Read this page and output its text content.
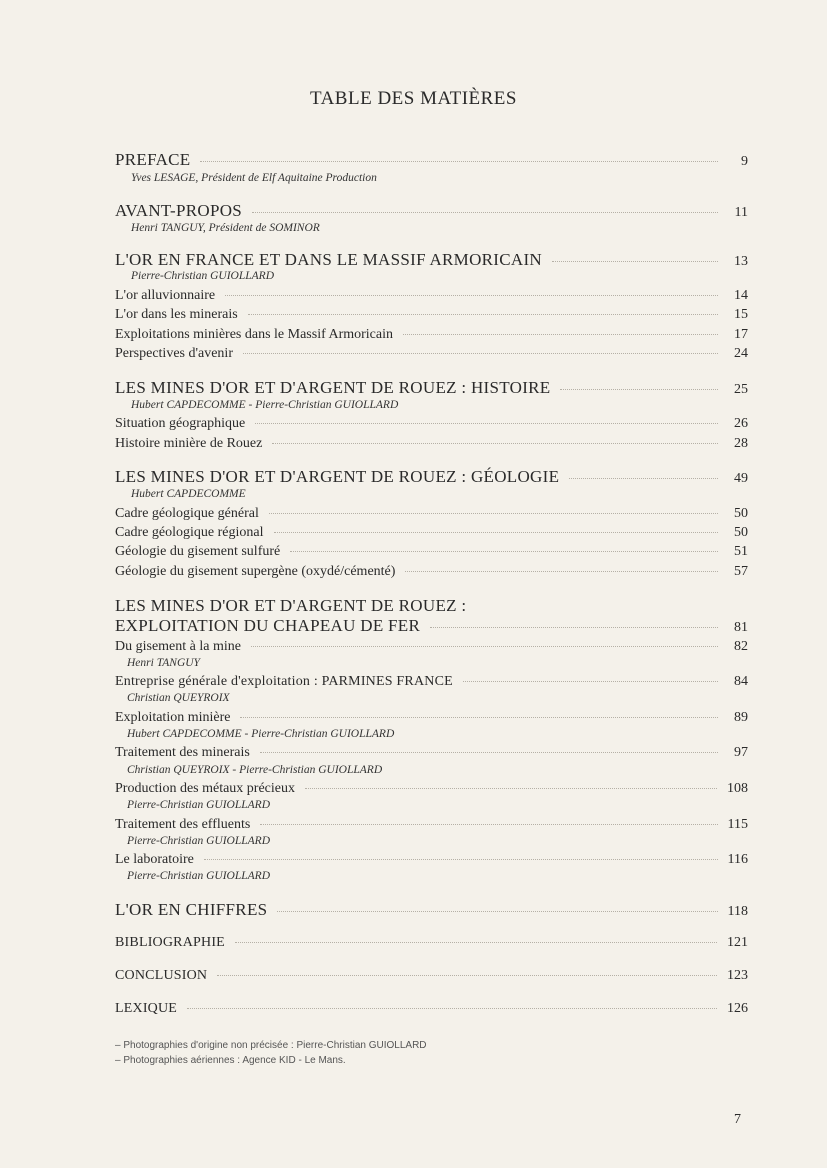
TABLE DES MATIÈRES
PREFACE	9
Yves LESAGE, Président de Elf Aquitaine Production
AVANT-PROPOS	11
Henri TANGUY, Président de SOMINOR
L'OR EN FRANCE ET DANS LE MASSIF ARMORICAIN	13
Pierre-Christian GUIOLLARD
L'or alluvionnaire	14
L'or dans les minerais	15
Exploitations minières dans le Massif Armoricain	17
Perspectives d'avenir	24
LES MINES D'OR ET D'ARGENT DE ROUEZ : HISTOIRE	25
Hubert CAPDECOMME - Pierre-Christian GUIOLLARD
Situation géographique	26
Histoire minière de Rouez	28
LES MINES D'OR ET D'ARGENT DE ROUEZ : GÉOLOGIE	49
Hubert CAPDECOMME
Cadre géologique général	50
Cadre géologique régional	50
Géologie du gisement sulfuré	51
Géologie du gisement supergène (oxydé/cémenté)	57
LES MINES D'OR ET D'ARGENT DE ROUEZ :
EXPLOITATION DU CHAPEAU DE FER	81
Du gisement à la mine	82
Henri TANGUY
Entreprise générale d'exploitation : PARMINES FRANCE	84
Christian QUEYROIX
Exploitation minière	89
Hubert CAPDECOMME - Pierre-Christian GUIOLLARD
Traitement des minerais	97
Christian QUEYROIX - Pierre-Christian GUIOLLARD
Production des métaux précieux	108
Pierre-Christian GUIOLLARD
Traitement des effluents	115
Pierre-Christian GUIOLLARD
Le laboratoire	116
Pierre-Christian GUIOLLARD
L'OR EN CHIFFRES	118
BIBLIOGRAPHIE	121
CONCLUSION	123
LEXIQUE	126
– Photographies d'origine non précisée : Pierre-Christian GUIOLLARD
– Photographies aériennes : Agence KID - Le Mans.
7
